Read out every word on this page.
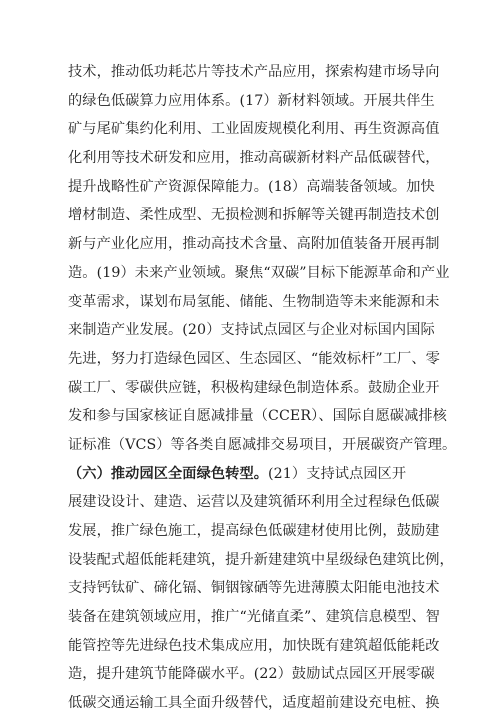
技术，推动低功耗芯片等技术产品应用，探索构建市场导向
的绿色低碳算力应用体系。(17）新材料领域。开展共伴生
矿与尾矿集约化利用、工业固废规模化利用、再生资源高值
化利用等技术研发和应用，推动高碳新材料产品低碳替代，
提升战略性矿产资源保障能力。(18）高端装备领域。加快
增材制造、柔性成型、无损检测和拆解等关键再制造技术创
新与产业化应用，推动高技术含量、高附加值装备开展再制
造。(19）未来产业领域。聚焦“双碳”目标下能源革命和产业
变革需求，谋划布局氢能、储能、生物制造等未来能源和未
来制造产业发展。(20）支持试点园区与企业对标国内国际
先进，努力打造绿色园区、生态园区、“能效标杆”工厂、零
碳工厂、零碳供应链，积极构建绿色制造体系。鼓励企业开
发和参与国家核证自愿减排量（CCER）、国际自愿碳减排核
证标准（VCS）等各类自愿减排交易项目，开展碳资产管理。
（六）推动园区全面绿色转型。(21）支持试点园区开
展建设设计、建造、运营以及建筑循环利用全过程绿色低碳
发展，推广绿色施工，提高绿色低碳建材使用比例，鼓励建
设装配式超低能耗建筑，提升新建建筑中星级绿色建筑比例，
支持钙钛矿、碲化镉、铜铟镓硒等先进薄膜太阳能电池技术
装备在建筑领域应用，推广“光储直柔”、建筑信息模型、智
能管控等先进绿色技术集成应用，加快既有建筑超低能耗改
造，提升建筑节能降碳水平。(22）鼓励试点园区开展零碳
低碳交通运输工具全面升级替代，适度超前建设充电桩、换
